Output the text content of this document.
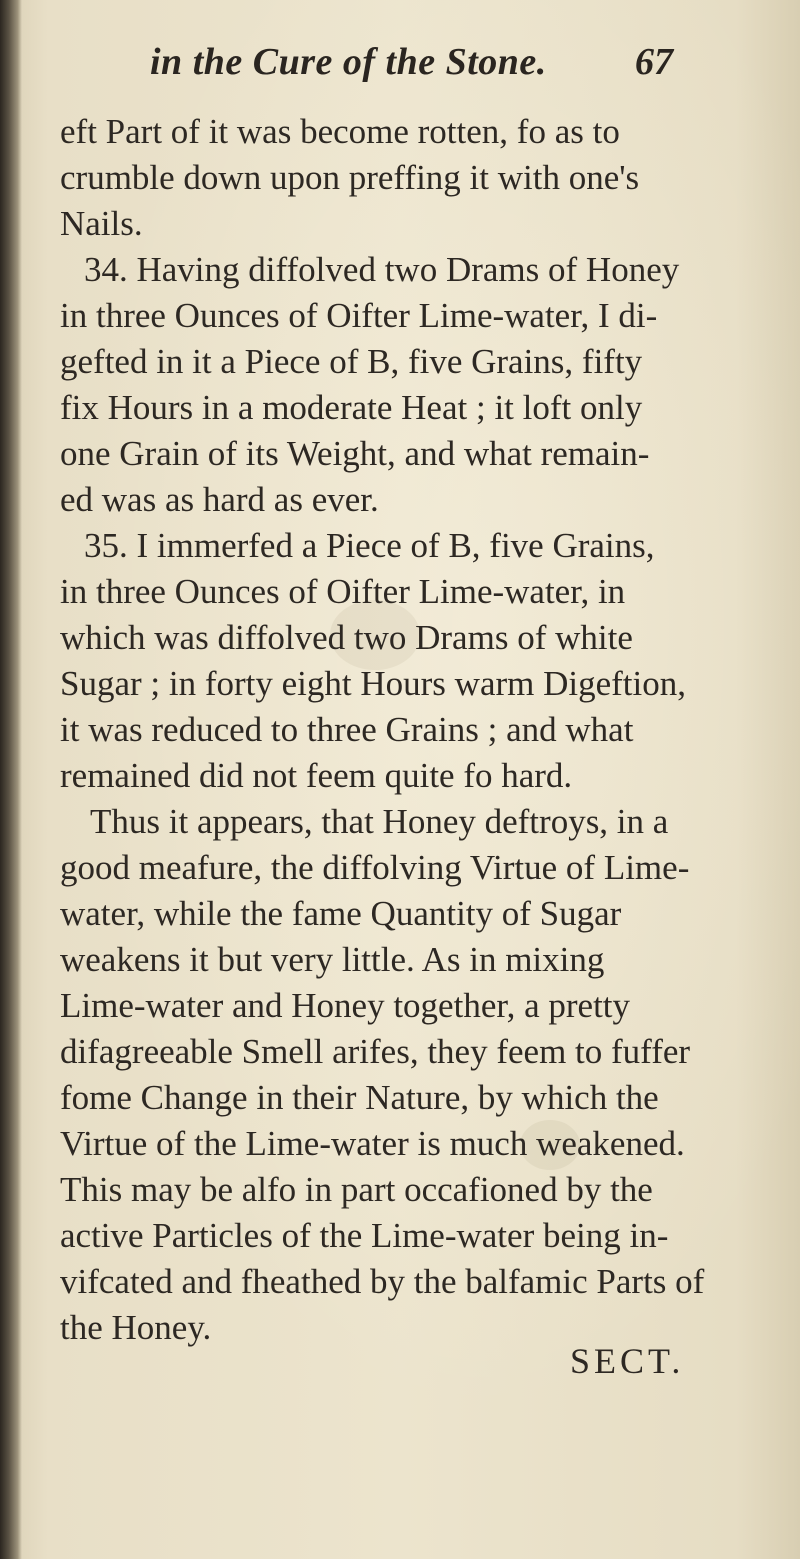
in the Cure of the Stone. 67
eft Part of it was become rotten, fo as to
crumble down upon preffing it with one's
Nails.
34. Having diffolved two Drams of Honey
in three Ounces of Oifter Lime-water, I di-
gefted in it a Piece of B, five Grains, fifty
fix Hours in a moderate Heat ; it loft only
one Grain of its Weight, and what remain-
ed was as hard as ever.
35. I immerfed a Piece of B, five Grains,
in three Ounces of Oifter Lime-water, in
which was diffolved two Drams of white
Sugar ; in forty eight Hours warm Digeftion,
it was reduced to three Grains ; and what
remained did not feem quite fo hard.
Thus it appears, that Honey deftroys, in a
good meafure, the diffolving Virtue of Lime-
water, while the fame Quantity of Sugar
weakens it but very little. As in mixing
Lime-water and Honey together, a pretty
difagreeable Smell arifes, they feem to fuffer
fome Change in their Nature, by which the
Virtue of the Lime-water is much weakened.
This may be alfo in part occafioned by the
active Particles of the Lime-water being in-
vifcated and fheathed by the balfamic Parts of
the Honey.
SECT.
